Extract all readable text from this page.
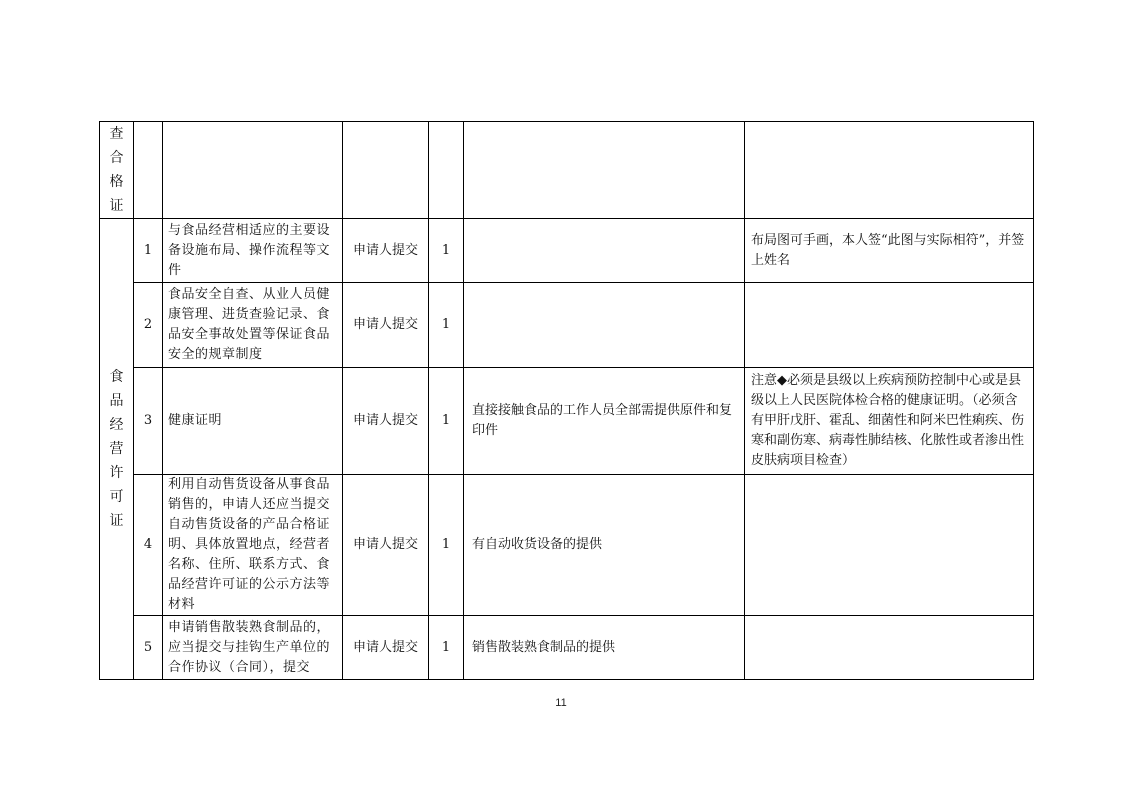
查合格证						
食品经营许可证	1	与食品经营相适应的主要设备设施布局、操作流程等文件	申请人提交	1		布局图可手画，本人签“此图与实际相符”，并签上姓名
	2	食品安全自查、从业人员健康管理、进货查验记录、食品安全事故处置等保证食品安全的规章制度	申请人提交	1		
	3	健康证明	申请人提交	1	直接接触食品的工作人员全部需提供原件和复印件	注意◆必须是县级以上疾病预防控制中心或是县级以上人民医院体检合格的健康证明。（必须含有甲肝戊肝、霍乱、细菌性和阿米巴性痢疾、伤寒和副伤寒、病毒性肺结核、化脓性或者渗出性皮肤病项目检查）
	4	利用自动售货设备从事食品销售的，申请人还应当提交自动售货设备的产品合格证明、具体放置地点，经营者名称、住所、联系方式、食品经营许可证的公示方法等材料	申请人提交	1	有自动收货设备的提供	
	5	申请销售散装熟食制品的，应当提交与挂钩生产单位的合作协议（合同），提交	申请人提交	1	销售散装熟食制品的提供	
11
